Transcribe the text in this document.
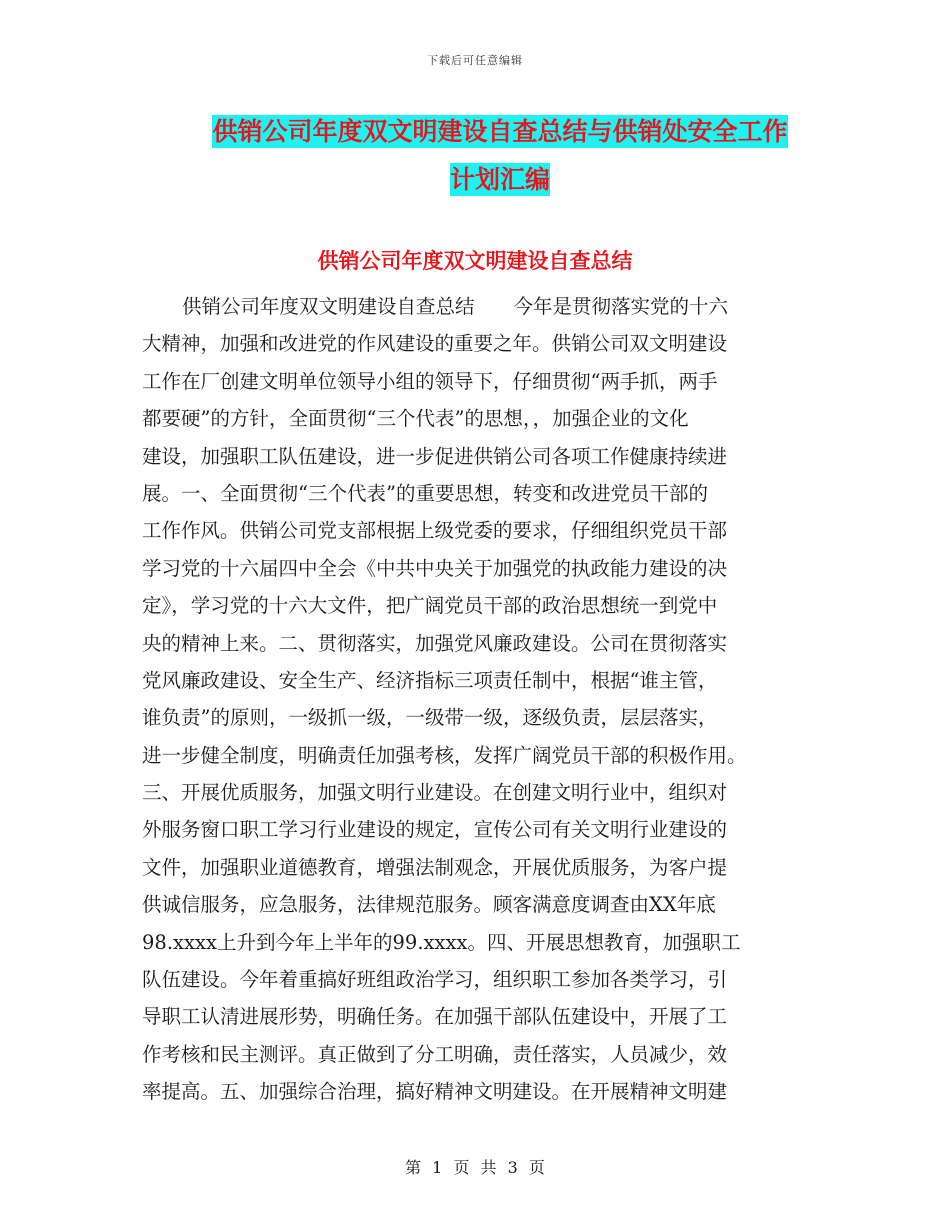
下载后可任意编辑
供销公司年度双文明建设自查总结与供销处安全工作
计划汇编
供销公司年度双文明建设自查总结
供销公司年度双文明建设自查总结　　今年是贯彻落实党的十六
大精神，加强和改进党的作风建设的重要之年。供销公司双文明建设
工作在厂创建文明单位领导小组的领导下，仔细贯彻“两手抓，两手
都要硬”的方针，全面贯彻“三个代表”的思想，，加强企业的文化
建设，加强职工队伍建设，进一步促进供销公司各项工作健康持续进
展。一、全面贯彻“三个代表”的重要思想，转变和改进党员干部的
工作作风。供销公司党支部根据上级党委的要求，仔细组织党员干部
学习党的十六届四中全会《中共中央关于加强党的执政能力建设的决
定》，学习党的十六大文件，把广阔党员干部的政治思想统一到党中
央的精神上来。二、贯彻落实，加强党风廉政建设。公司在贯彻落实
党风廉政建设、安全生产、经济指标三项责任制中，根据“谁主管，
谁负责”的原则，一级抓一级，一级带一级，逐级负责，层层落实，
进一步健全制度，明确责任加强考核，发挥广阔党员干部的积极作用。
三、开展优质服务，加强文明行业建设。在创建文明行业中，组织对
外服务窗口职工学习行业建设的规定，宣传公司有关文明行业建设的
文件，加强职业道德教育，增强法制观念，开展优质服务，为客户提
供诚信服务，应急服务，法律规范服务。顾客满意度调查由XX年底
98.xxxx上升到今年上半年的99.xxxx。四、开展思想教育，加强职工
队伍建设。今年着重搞好班组政治学习，组织职工参加各类学习，引
导职工认清进展形势，明确任务。在加强干部队伍建设中，开展了工
作考核和民主测评。真正做到了分工明确，责任落实，人员减少，效
率提高。五、加强综合治理，搞好精神文明建设。在开展精神文明建
第 1 页 共 3 页
